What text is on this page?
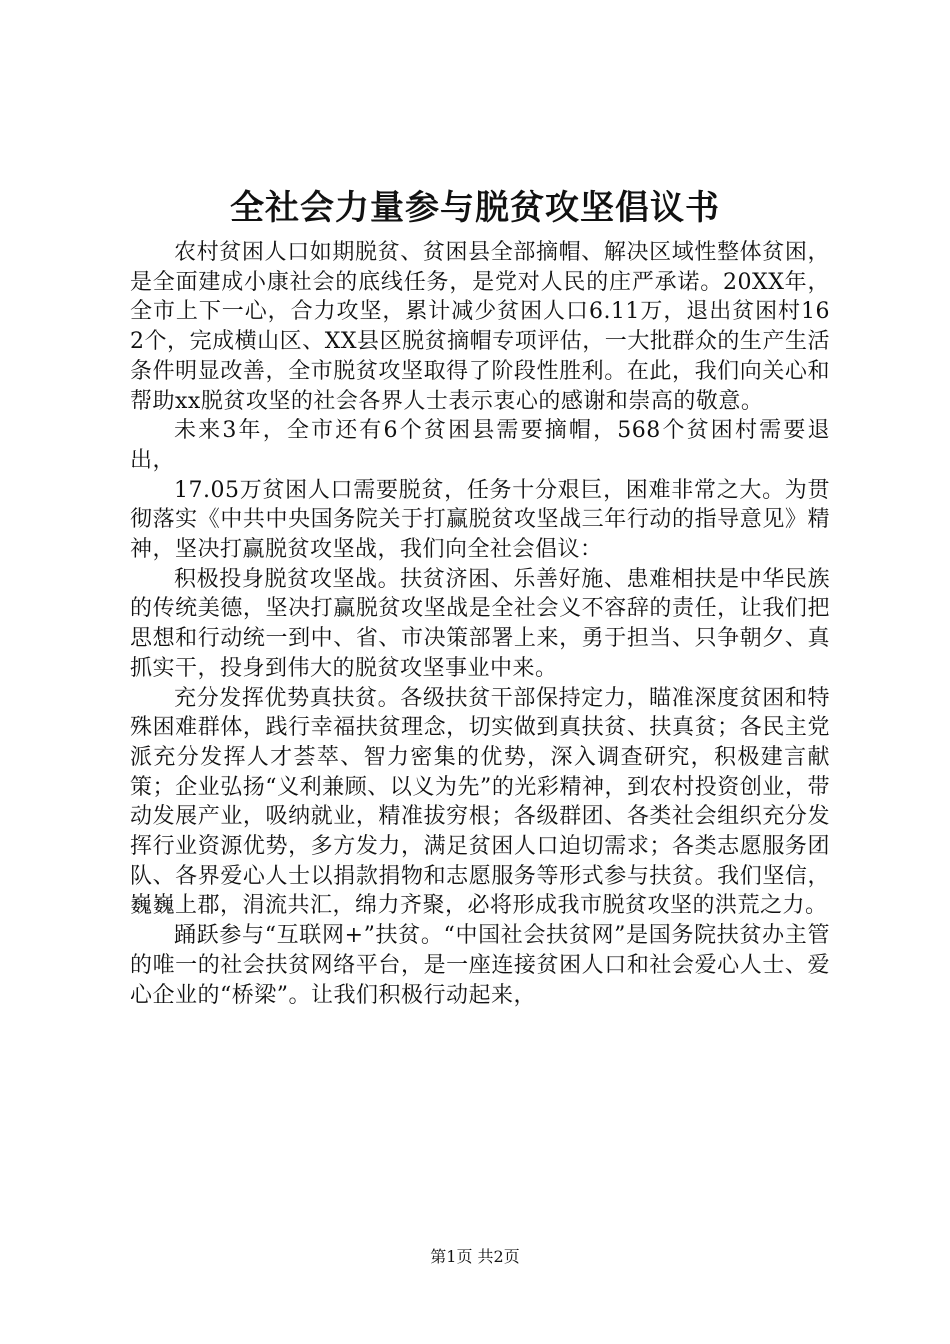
全社会力量参与脱贫攻坚倡议书

农村贫困人口如期脱贫、贫困县全部摘帽、解决区域性整体贫困，是全面建成小康社会的底线任务，是党对人民的庄严承诺。20XX年，全市上下一心，合力攻坚，累计减少贫困人口6.11万，退出贫困村162个，完成横山区、XX县区脱贫摘帽专项评估，一大批群众的生产生活条件明显改善，全市脱贫攻坚取得了阶段性胜利。在此，我们向关心和帮助xx脱贫攻坚的社会各界人士表示衷心的感谢和崇高的敬意。

未来3年，全市还有6个贫困县需要摘帽，568个贫困村需要退出，

17.05万贫困人口需要脱贫，任务十分艰巨，困难非常之大。为贯彻落实《中共中央国务院关于打赢脱贫攻坚战三年行动的指导意见》精神，坚决打赢脱贫攻坚战，我们向全社会倡议：

积极投身脱贫攻坚战。扶贫济困、乐善好施、患难相扶是中华民族的传统美德，坚决打赢脱贫攻坚战是全社会义不容辞的责任，让我们把思想和行动统一到中、省、市决策部署上来，勇于担当、只争朝夕、真抓实干，投身到伟大的脱贫攻坚事业中来。

充分发挥优势真扶贫。各级扶贫干部保持定力，瞄准深度贫困和特殊困难群体，践行幸福扶贫理念，切实做到真扶贫、扶真贫；各民主党派充分发挥人才荟萃、智力密集的优势，深入调查研究，积极建言献策；企业弘扬“义利兼顾、以义为先”的光彩精神，到农村投资创业，带动发展产业，吸纳就业，精准拔穷根；各级群团、各类社会组织充分发挥行业资源优势，多方发力，满足贫困人口迫切需求；各类志愿服务团队、各界爱心人士以捐款捐物和志愿服务等形式参与扶贫。我们坚信，巍巍上郡，涓流共汇，绵力齐聚，必将形成我市脱贫攻坚的洪荒之力。

踊跃参与“互联网+”扶贫。“中国社会扶贫网”是国务院扶贫办主管的唯一的社会扶贫网络平台，是一座连接贫困人口和社会爱心人士、爱心企业的“桥梁”。让我们积极行动起来，

第1页 共2页
